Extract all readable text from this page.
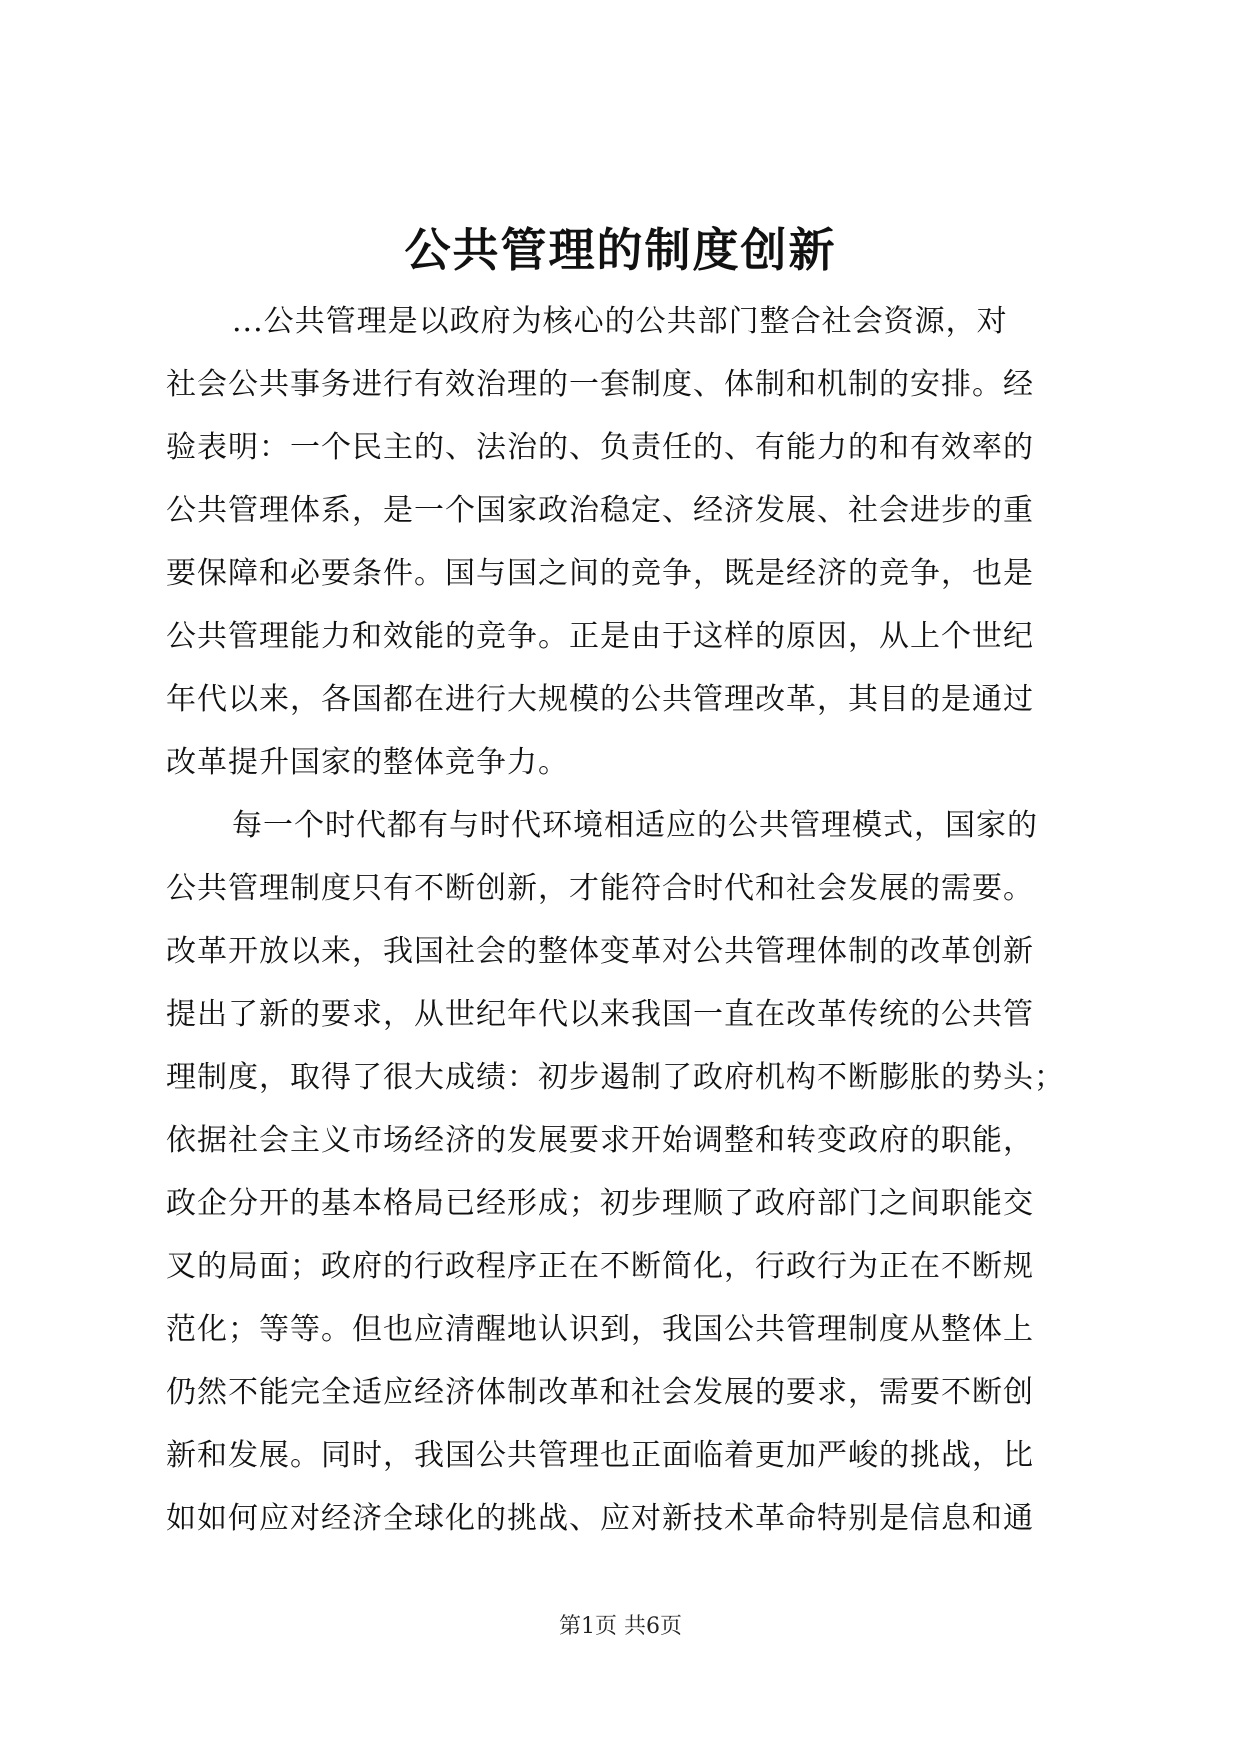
公共管理的制度创新
...公共管理是以政府为核心的公共部门整合社会资源，对
社会公共事务进行有效治理的一套制度、体制和机制的安排。经
验表明：一个民主的、法治的、负责任的、有能力的和有效率的
公共管理体系，是一个国家政治稳定、经济发展、社会进步的重
要保障和必要条件。国与国之间的竞争，既是经济的竞争，也是
公共管理能力和效能的竞争。正是由于这样的原因，从上个世纪
年代以来，各国都在进行大规模的公共管理改革，其目的是通过
改革提升国家的整体竞争力。
每一个时代都有与时代环境相适应的公共管理模式，国家的
公共管理制度只有不断创新，才能符合时代和社会发展的需要。
改革开放以来，我国社会的整体变革对公共管理体制的改革创新
提出了新的要求，从世纪年代以来我国一直在改革传统的公共管
理制度，取得了很大成绩：初步遏制了政府机构不断膨胀的势头；
依据社会主义市场经济的发展要求开始调整和转变政府的职能，
政企分开的基本格局已经形成；初步理顺了政府部门之间职能交
叉的局面；政府的行政程序正在不断简化，行政行为正在不断规
范化；等等。但也应清醒地认识到，我国公共管理制度从整体上
仍然不能完全适应经济体制改革和社会发展的要求，需要不断创
新和发展。同时，我国公共管理也正面临着更加严峻的挑战，比
如如何应对经济全球化的挑战、应对新技术革命特别是信息和通
第1页 共6页
